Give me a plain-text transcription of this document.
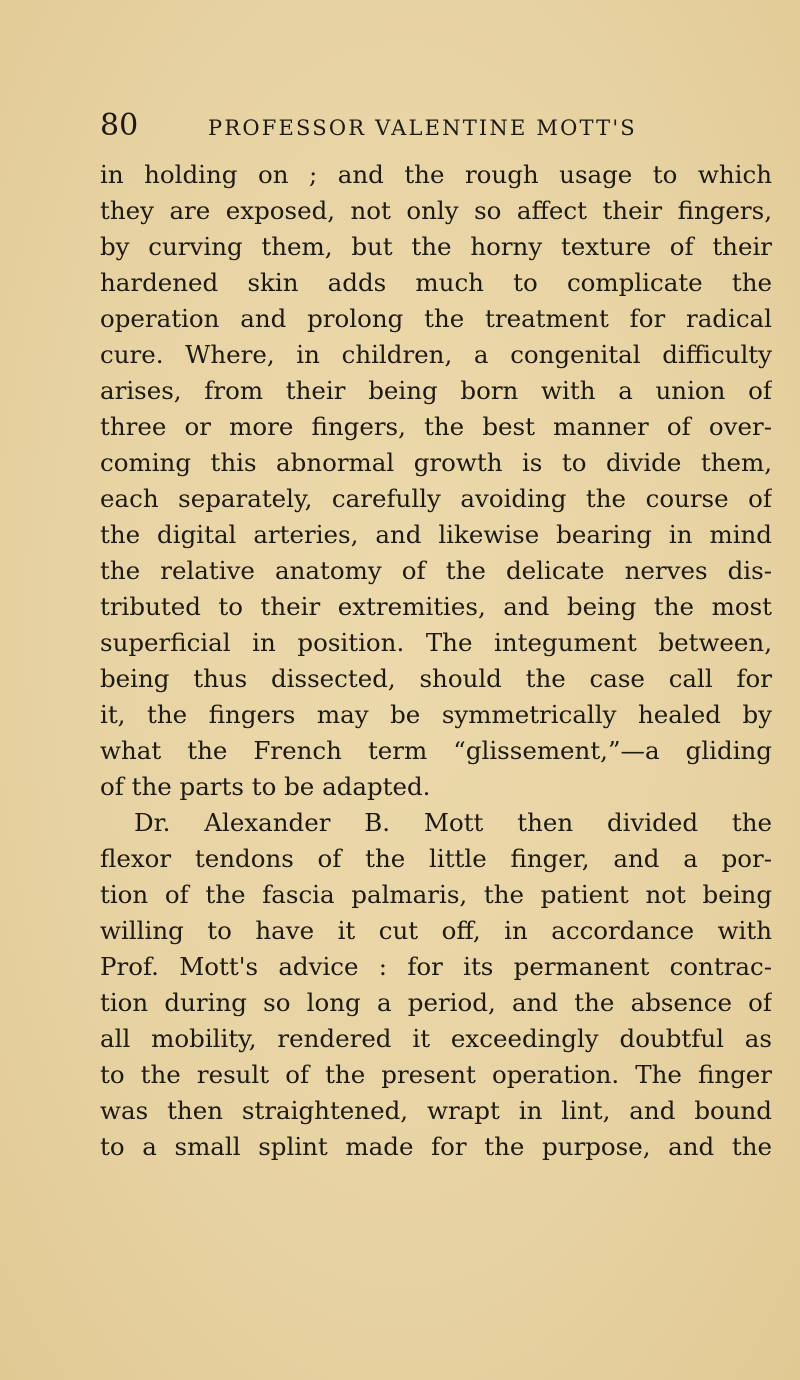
80	PROFESSOR VALENTINE MOTT'S
in holding on ; and the rough usage to which
they are exposed, not only so affect their fingers,
by curving them, but the horny texture of their
hardened skin adds much to complicate the
operation and prolong the treatment for radical
cure. Where, in children, a congenital difficulty
arises, from their being born with a union of
three or more fingers, the best manner of over-
coming this abnormal growth is to divide them,
each separately, carefully avoiding the course of
the digital arteries, and likewise bearing in mind
the relative anatomy of the delicate nerves dis-
tributed to their extremities, and being the most
superficial in position. The integument between,
being thus dissected, should the case call for
it, the fingers may be symmetrically healed by
what the French term “glissement,”—a gliding
of the parts to be adapted.
Dr. Alexander B. Mott then divided the
flexor tendons of the little finger, and a por-
tion of the fascia palmaris, the patient not being
willing to have it cut off, in accordance with
Prof. Mott's advice : for its permanent contrac-
tion during so long a period, and the absence of
all mobility, rendered it exceedingly doubtful as
to the result of the present operation. The finger
was then straightened, wrapt in lint, and bound
to a small splint made for the purpose, and the
